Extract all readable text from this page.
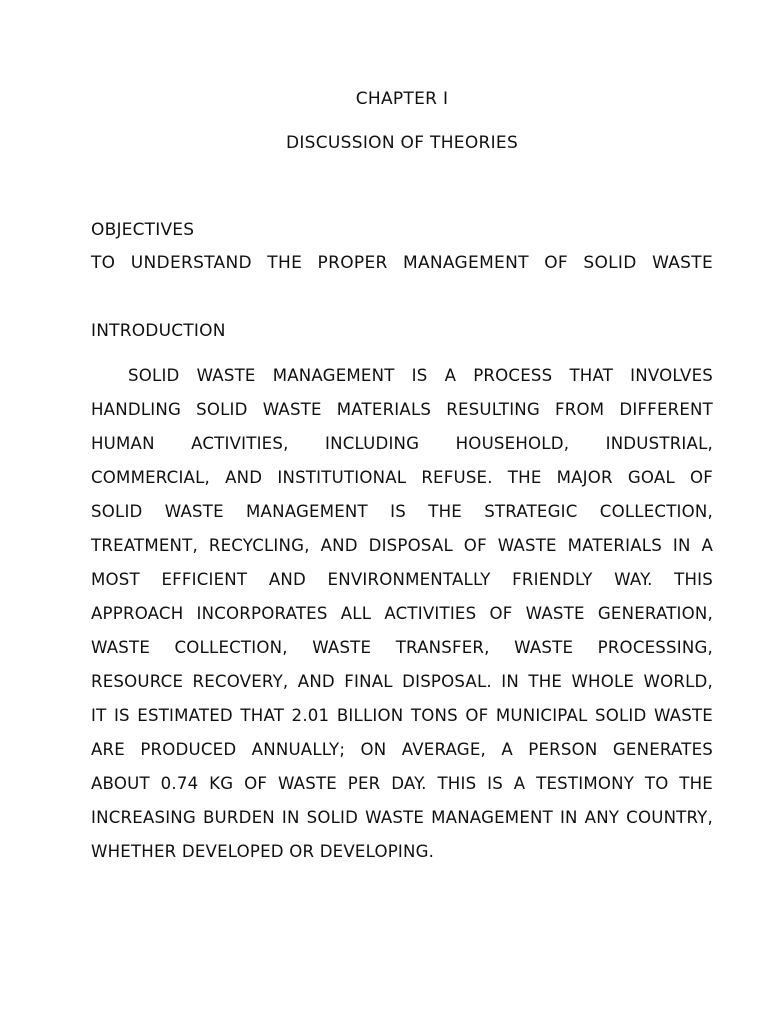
CHAPTER I
DISCUSSION OF THEORIES
OBJECTIVES
TO UNDERSTAND THE PROPER MANAGEMENT OF SOLID WASTE
INTRODUCTION
SOLID WASTE MANAGEMENT IS A PROCESS THAT INVOLVES
HANDLING SOLID WASTE MATERIALS RESULTING FROM DIFFERENT
HUMAN ACTIVITIES, INCLUDING HOUSEHOLD, INDUSTRIAL,
COMMERCIAL, AND INSTITUTIONAL REFUSE. THE MAJOR GOAL OF
SOLID WASTE MANAGEMENT IS THE STRATEGIC COLLECTION,
TREATMENT, RECYCLING, AND DISPOSAL OF WASTE MATERIALS IN A
MOST EFFICIENT AND ENVIRONMENTALLY FRIENDLY WAY. THIS
APPROACH INCORPORATES ALL ACTIVITIES OF WASTE GENERATION,
WASTE COLLECTION, WASTE TRANSFER, WASTE PROCESSING,
RESOURCE RECOVERY, AND FINAL DISPOSAL. IN THE WHOLE WORLD,
IT IS ESTIMATED THAT 2.01 BILLION TONS OF MUNICIPAL SOLID WASTE
ARE PRODUCED ANNUALLY; ON AVERAGE, A PERSON GENERATES
ABOUT 0.74 KG OF WASTE PER DAY. THIS IS A TESTIMONY TO THE
INCREASING BURDEN IN SOLID WASTE MANAGEMENT IN ANY COUNTRY,
WHETHER DEVELOPED OR DEVELOPING.
